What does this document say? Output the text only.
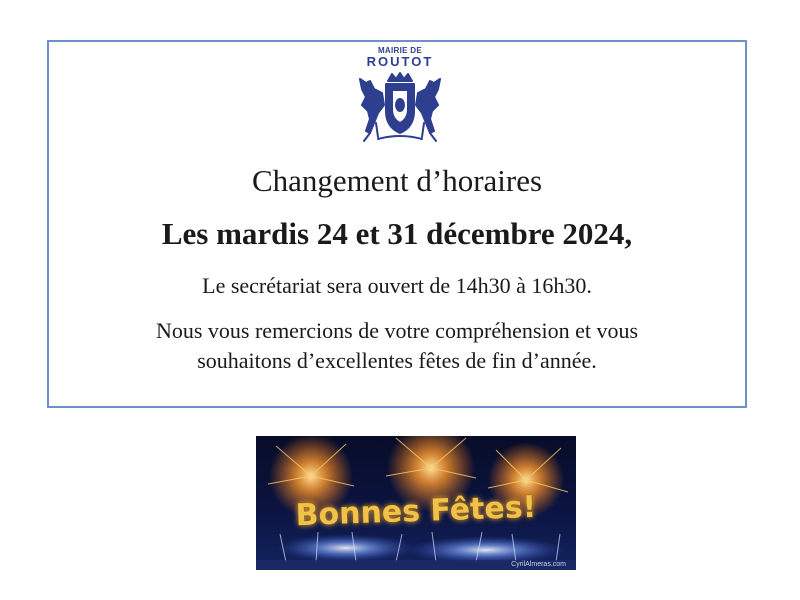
MAIRIE DE
ROUTOT
Changement d’horaires
Les mardis 24 et 31 décembre 2024,
Le secrétariat sera ouvert de 14h30 à 16h30.
Nous vous remercions de votre compréhension et vous
souhaitons d’excellentes fêtes de fin d’année.
Bonnes Fêtes!
CyrilAlmeras.com
